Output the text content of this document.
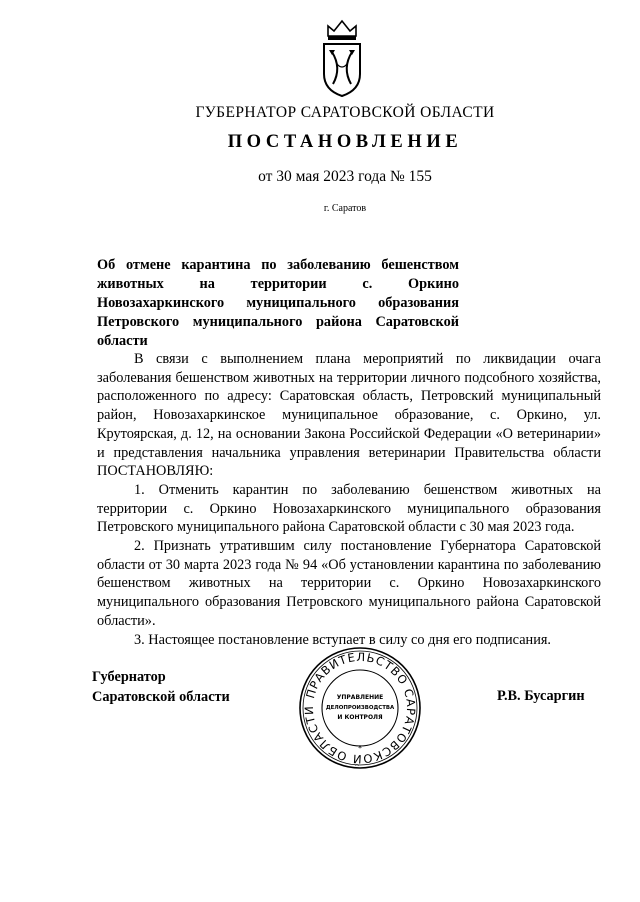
ГУБЕРНАТОР САРАТОВСКОЙ ОБЛАСТИ
ПОСТАНОВЛЕНИЕ
от 30 мая 2023 года № 155
г. Саратов
Об отмене карантина по заболеванию бешенством животных на территории с. Оркино Новозахаркинского муниципального образования Петровского муниципального района Саратовской области

В связи с выполнением плана мероприятий по ликвидации очага заболевания бешенством животных на территории личного подсобного хозяйства, расположенного по адресу: Саратовская область, Петровский муниципальный район, Новозахаркинское муниципальное образование, с. Оркино, ул. Крутоярская, д. 12, на основании Закона Российской Федерации «О ветеринарии» и представления начальника управления ветеринарии Правительства области ПОСТАНОВЛЯЮ:

1. Отменить карантин по заболеванию бешенством животных на территории с. Оркино Новозахаркинского муниципального образования Петровского муниципального района Саратовской области с 30 мая 2023 года.

2. Признать утратившим силу постановление Губернатора Саратовской области от 30 марта 2023 года № 94 «Об установлении карантина по заболеванию бешенством животных на территории с. Оркино Новозахаркинского муниципального образования Петровского муниципального района Саратовской области».

3. Настоящее постановление вступает в силу со дня его подписания.

Губернатор
Саратовской области	ПРАВИТЕЛЬСТВО САРАТОВСКОЙ ОБЛАСТИ
УПРАВЛЕНИЕ
ДЕЛОПРОИЗВОДСТВА
И КОНТРОЛЯ
*
Р.В. Бусаргин
